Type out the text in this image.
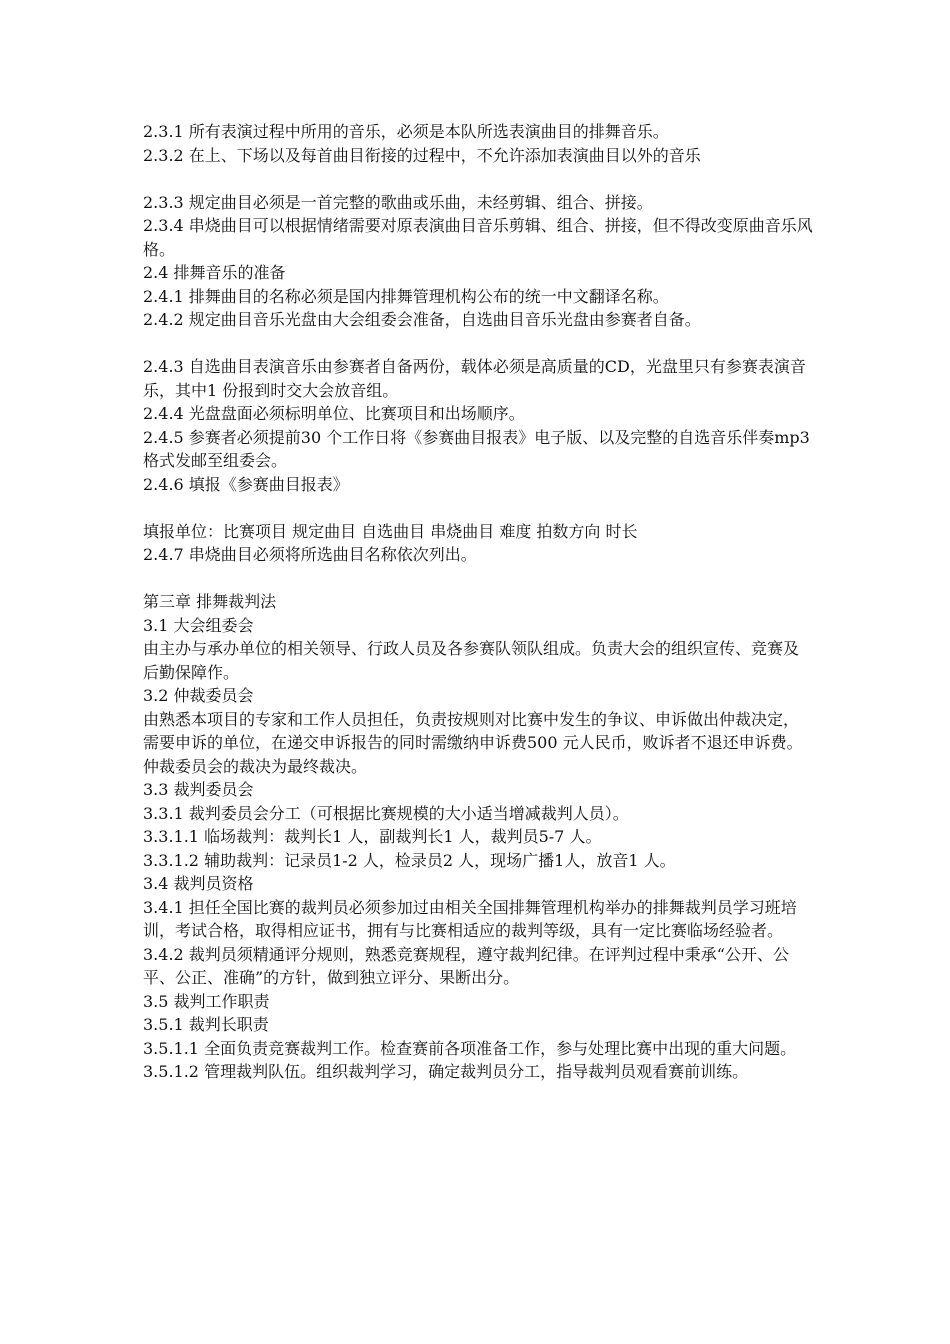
2.3.1 所有表演过程中所用的音乐，必须是本队所选表演曲目的排舞音乐。

2.3.2 在上、下场以及每首曲目衔接的过程中，不允许添加表演曲目以外的音乐

2.3.3 规定曲目必须是一首完整的歌曲或乐曲，未经剪辑、组合、拼接。

2.3.4 串烧曲目可以根据情绪需要对原表演曲目音乐剪辑、组合、拼接，但不得改变原曲音乐风格。

2.4 排舞音乐的准备

2.4.1 排舞曲目的名称必须是国内排舞管理机构公布的统一中文翻译名称。

2.4.2 规定曲目音乐光盘由大会组委会准备，自选曲目音乐光盘由参赛者自备。

2.4.3 自选曲目表演音乐由参赛者自备两份，载体必须是高质量的CD，光盘里只有参赛表演音乐，其中1 份报到时交大会放音组。

2.4.4 光盘盘面必须标明单位、比赛项目和出场顺序。

2.4.5 参赛者必须提前30 个工作日将《参赛曲目报表》电子版、以及完整的自选音乐伴奏mp3 格式发邮至组委会。

2.4.6 填报《参赛曲目报表》

填报单位：比赛项目 规定曲目 自选曲目 串烧曲目 难度 拍数方向 时长

2.4.7 串烧曲目必须将所选曲目名称依次列出。

第三章 排舞裁判法

3.1 大会组委会

由主办与承办单位的相关领导、行政人员及各参赛队领队组成。负责大会的组织宣传、竞赛及后勤保障作。

3.2 仲裁委员会

由熟悉本项目的专家和工作人员担任，负责按规则对比赛中发生的争议、申诉做出仲裁决定，需要申诉的单位，在递交申诉报告的同时需缴纳申诉费500 元人民币，败诉者不退还申诉费。仲裁委员会的裁决为最终裁决。

3.3 裁判委员会

3.3.1 裁判委员会分工（可根据比赛规模的大小适当增减裁判人员）。

3.3.1.1 临场裁判：裁判长1 人，副裁判长1 人，裁判员5-7 人。

3.3.1.2 辅助裁判：记录员1-2 人，检录员2 人，现场广播1人，放音1 人。

3.4 裁判员资格

3.4.1 担任全国比赛的裁判员必须参加过由相关全国排舞管理机构举办的排舞裁判员学习班培训，考试合格，取得相应证书，拥有与比赛相适应的裁判等级，具有一定比赛临场经验者。

3.4.2 裁判员须精通评分规则，熟悉竞赛规程，遵守裁判纪律。在评判过程中秉承“公开、公平、公正、准确”的方针，做到独立评分、果断出分。

3.5 裁判工作职责

3.5.1 裁判长职责

3.5.1.1 全面负责竞赛裁判工作。检查赛前各项准备工作，参与处理比赛中出现的重大问题。

3.5.1.2 管理裁判队伍。组织裁判学习，确定裁判员分工，指导裁判员观看赛前训练。
